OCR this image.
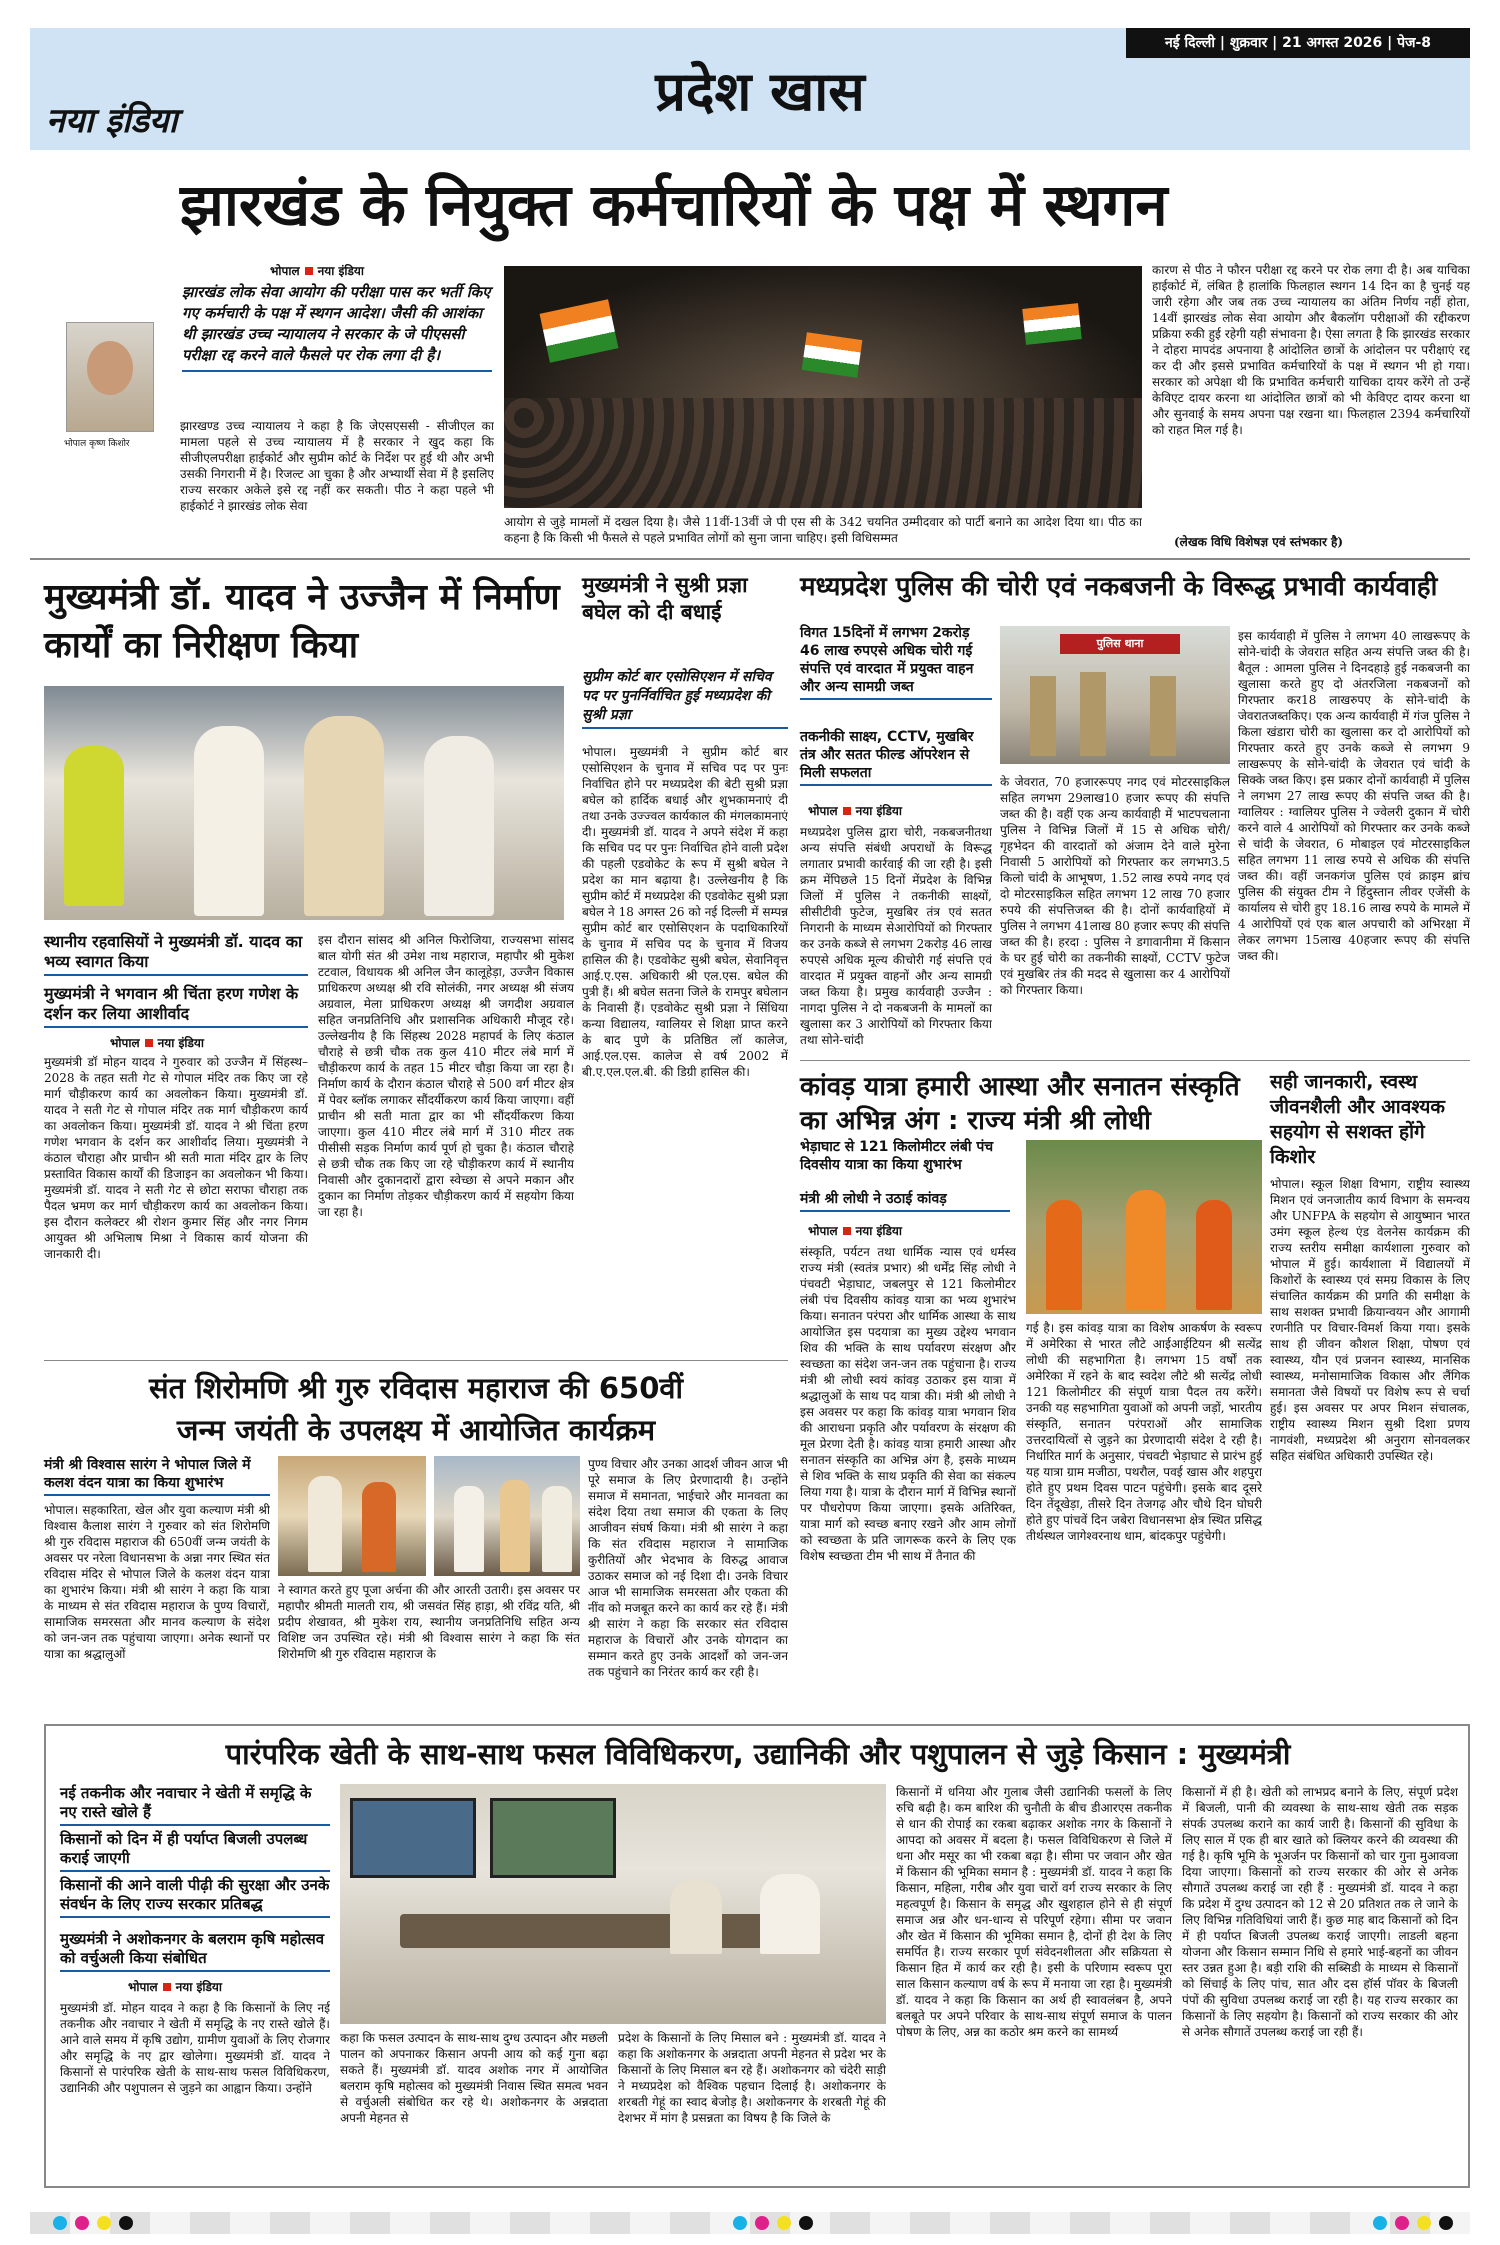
नई दिल्ली | शुक्रवार | 21 अगस्त 2026 | पेज-8
नया इंडिया	प्रदेश खास
झारखंड के नियुक्त कर्मचारियों के पक्ष में स्थगन
भोपाल नया इंडिया
भोपाल कृष्ण किशोर
झारखंड लोक सेवा आयोग की परीक्षा पास कर भर्ती किए गए कर्मचारी के पक्ष में स्थगन आदेश। जैसी की आशंका थी झारखंड उच्च न्यायालय ने सरकार के जे पीएससी परीक्षा रद्द करने वाले फैसले पर रोक लगा दी है।
झारखण्ड उच्च न्यायालय ने कहा है कि जेएसएससी - सीजीएल का मामला पहले से उच्च न्यायालय में है सरकार ने खुद कहा कि सीजीएलपरीक्षा हाईकोर्ट और सुप्रीम कोर्ट के निर्देश पर हुई थी और अभी उसकी निगरानी में है। रिजल्ट आ चुका है और अभ्यार्थी सेवा में है इसलिए राज्य सरकार अकेले इसे रद्द नहीं कर सकती। पीठ ने कहा पहले भी हाईकोर्ट ने झारखंड लोक सेवा
आयोग से जुड़े मामलों में दखल दिया है। जैसे 11वीं-13वीं जे पी एस सी के 342 चयनित उम्मीदवार को पार्टी बनाने का आदेश दिया था। पीठ का कहना है कि किसी भी फैसले से पहले प्रभावित लोगों को सुना जाना चाहिए। इसी विधिसम्मत
कारण से पीठ ने फौरन परीक्षा रद्द करने पर रोक लगा दी है। अब याचिका हाईकोर्ट में, लंबित है हालांकि फिलहाल स्थगन 14 दिन का है चुनई यह जारी रहेगा और जब तक उच्च न्यायालय का अंतिम निर्णय नहीं होता, 14वीं झारखंड लोक सेवा आयोग और बैकलॉग परीक्षाओं की रद्दीकरण प्रक्रिया रुकी हुई रहेगी यही संभावना है। ऐसा लगता है कि झारखंड सरकार ने दोहरा मापदंड अपनाया है आंदोलित छात्रों के आंदोलन पर परीक्षाएं रद्द कर दी और इससे प्रभावित कर्मचारियों के पक्ष में स्थगन भी हो गया। सरकार को अपेक्षा थी कि प्रभावित कर्मचारी याचिका दायर करेंगे तो उन्हें केविएट दायर करना था आंदोलित छात्रों को भी केविएट दायर करना था और सुनवाई के समय अपना पक्ष रखना था। फिलहाल 2394 कर्मचारियों को राहत मिल गई है।
(लेखक विधि विशेषज्ञ एवं स्तंभकार है)
मुख्यमंत्री डॉ. यादव ने उज्जैन में निर्माण कार्यों का निरीक्षण किया
स्थानीय रहवासियों ने मुख्यमंत्री डॉ. यादव का भव्य स्वागत किया
मुख्यमंत्री ने भगवान श्री चिंता हरण गणेश के दर्शन कर लिया आशीर्वाद
भोपाल नया इंडिया
मुख्यमंत्री डॉ मोहन यादव ने गुरुवार को उज्जैन में सिंहस्थ–2028 के तहत सती गेट से गोपाल मंदिर तक किए जा रहे मार्ग चौड़ीकरण कार्य का अवलोकन किया। मुख्यमंत्री डॉ. यादव ने सती गेट से गोपाल मंदिर तक मार्ग चौड़ीकरण कार्य का अवलोकन किया। मुख्यमंत्री डॉ. यादव ने श्री चिंता हरण गणेश भगवान के दर्शन कर आशीर्वाद लिया। मुख्यमंत्री ने कंठाल चौराहा और प्राचीन श्री सती माता मंदिर द्वार के लिए प्रस्तावित विकास कार्यों की डिजाइन का अवलोकन भी किया। मुख्यमंत्री डॉ. यादव ने सती गेट से छोटा सराफा चौराहा तक पैदल भ्रमण कर मार्ग चौड़ीकरण कार्य का अवलोकन किया। इस दौरान कलेक्टर श्री रोशन कुमार सिंह और नगर निगम आयुक्त श्री अभिलाष मिश्रा ने विकास कार्य योजना की जानकारी दी।
इस दौरान सांसद श्री अनिल फिरोजिया, राज्यसभा सांसद बाल योगी संत श्री उमेश नाथ महाराज, महापौर श्री मुकेश टटवाल, विधायक श्री अनिल जैन कालूहेड़ा, उज्जैन विकास प्राधिकरण अध्यक्ष श्री रवि सोलंकी, नगर अध्यक्ष श्री संजय अग्रवाल, मेला प्राधिकरण अध्यक्ष श्री जगदीश अग्रवाल सहित जनप्रतिनिधि और प्रशासनिक अधिकारी मौजूद रहे। उल्लेखनीय है कि सिंहस्थ 2028 महापर्व के लिए कंठाल चौराहे से छत्री चौक तक कुल 410 मीटर लंबे मार्ग में चौड़ीकरण कार्य के तहत 15 मीटर चौड़ा किया जा रहा है। निर्माण कार्य के दौरान कंठाल चौराहे से 500 वर्ग मीटर क्षेत्र में पेवर ब्लॉक लगाकर सौंदर्यीकरण कार्य किया जाएगा। वहीं प्राचीन श्री सती माता द्वार का भी सौंदर्यीकरण किया जाएगा। कुल 410 मीटर लंबे मार्ग में 310 मीटर तक पीसीसी सड़क निर्माण कार्य पूर्ण हो चुका है। कंठाल चौराहे से छत्री चौक तक किए जा रहे चौड़ीकरण कार्य में स्थानीय निवासी और दुकानदारों द्वारा स्वेच्छा से अपने मकान और दुकान का निर्माण तोड़कर चौड़ीकरण कार्य में सहयोग किया जा रहा है।
मुख्यमंत्री ने सुश्री प्रज्ञा बघेल को दी बधाई
सुप्रीम कोर्ट बार एसोसिएशन में सचिव पद पर पुनर्निर्वाचित हुई मध्यप्रदेश की सुश्री प्रज्ञा
भोपाल। मुख्यमंत्री ने सुप्रीम कोर्ट बार एसोसिएशन के चुनाव में सचिव पद पर पुनः निर्वाचित होने पर मध्यप्रदेश की बेटी सुश्री प्रज्ञा बघेल को हार्दिक बधाई और शुभकामनाएं दी तथा उनके उज्ज्वल कार्यकाल की मंगलकामनाएं दी। मुख्यमंत्री डॉ. यादव ने अपने संदेश में कहा कि सचिव पद पर पुनः निर्वाचित होने वाली प्रदेश की पहली एडवोकेट के रूप में सुश्री बघेल ने प्रदेश का मान बढ़ाया है। उल्लेखनीय है कि सुप्रीम कोर्ट में मध्यप्रदेश की एडवोकेट सुश्री प्रज्ञा बघेल ने 18 अगस्त 26 को नई दिल्ली में सम्पन्न सुप्रीम कोर्ट बार एसोसिएशन के पदाधिकारियों के चुनाव में सचिव पद के चुनाव में विजय हासिल की है। एडवोकेट सुश्री बघेल, सेवानिवृत्त आई.ए.एस. अधिकारी श्री एल.एस. बघेल की पुत्री हैं। श्री बघेल सतना जिले के रामपुर बघेलान के निवासी हैं। एडवोकेट सुश्री प्रज्ञा ने सिंधिया कन्या विद्यालय, ग्वालियर से शिक्षा प्राप्त करने के बाद पुणे के प्रतिष्ठित लॉ कालेज, आई.एल.एस. कालेज से वर्ष 2002 में बी.ए.एल.एल.बी. की डिग्री हासिल की।
मध्यप्रदेश पुलिस की चोरी एवं नकबजनी के विरूद्ध प्रभावी कार्यवाही
विगत 15दिनों में लगभग 2करोड़ 46 लाख रुपएसे अधिक चोरी गई संपत्ति एवं वारदात में प्रयुक्त वाहन और अन्य सामग्री जब्त
तकनीकी साक्ष्य, CCTV, मुखबिर तंत्र और सतत फील्ड ऑपरेशन से मिली सफलता
पुलिस थाना
भोपाल नया इंडिया
मध्यप्रदेश पुलिस द्वारा चोरी, नकबजनीतथा अन्य संपत्ति संबंधी अपराधों के विरूद्ध लगातार प्रभावी कार्रवाई की जा रही है। इसी क्रम मेंपिछले 15 दिनों मेंप्रदेश के विभिन्न जिलों में पुलिस ने तकनीकी साक्ष्यों, सीसीटीवी फुटेज, मुखबिर तंत्र एवं सतत निगरानी के माध्यम सेआरोपियों को गिरफ्तार कर उनके कब्जे से लगभग 2करोड़ 46 लाख रुपएसे अधिक मूल्य कीचोरी गई संपत्ति एवं वारदात में प्रयुक्त वाहनों और अन्य सामग्री जब्त किया है। प्रमुख कार्यवाही उज्जैन : नागदा पुलिस ने दो नकबजनी के मामलों का खुलासा कर 3 आरोपियों को गिरफ्तार किया तथा सोने-चांदी
के जेवरात, 70 हजाररूपए नगद एवं मोटरसाइकिल सहित लगभग 29लाख10 हजार रूपए की संपत्ति जब्त की है। वहीं एक अन्य कार्यवाही में भाटपचलाना पुलिस ने विभिन्न जिलों में 15 से अधिक चोरी/गृहभेदन की वारदातों को अंजाम देने वाले मुरेना निवासी 5 आरोपियों को गिरफ्तार कर लगभग3.5 किलो चांदी के आभूषण, 1.52 लाख रुपये नगद एवं दो मोटरसाइकिल सहित लगभग 12 लाख 70 हजार रुपये की संपत्तिजब्त की है। दोनों कार्यवाहियों में पुलिस ने लगभग 41लाख 80 हजार रूपए की संपत्ति जब्त की है। हरदा : पुलिस ने डगावानीमा में किसान के घर हुई चोरी का तकनीकी साक्ष्यों, CCTV फुटेज एवं मुखबिर तंत्र की मदद से खुलासा कर 4 आरोपियों को गिरफ्तार किया।
इस कार्यवाही में पुलिस ने लगभग 40 लाखरूपए के सोने-चांदी के जेवरात सहित अन्य संपत्ति जब्त की है। बैतूल : आमला पुलिस ने दिनदहाड़े हुई नकबजनी का खुलासा करते हुए दो अंतरजिला नकबजनों को गिरफ्तार कर18 लाखरुपए के सोने-चांदी के जेवरातजब्तकिए। एक अन्य कार्यवाही में गंज पुलिस ने किला खंडारा चोरी का खुलासा कर दो आरोपियों को गिरफ्तार करते हुए उनके कब्जे से लगभग 9 लाखरूपए के सोने-चांदी के जेवरात एवं चांदी के सिक्के जब्त किए। इस प्रकार दोनों कार्यवाही में पुलिस ने लगभग 27 लाख रूपए की संपत्ति जब्त की है। ग्वालियर : ग्वालियर पुलिस ने ज्वेलरी दुकान में चोरी करने वाले 4 आरोपियों को गिरफ्तार कर उनके कब्जे से चांदी के जेवरात, 6 मोबाइल एवं मोटरसाइकिल सहित लगभग 11 लाख रुपये से अधिक की संपत्ति जब्त की। वहीं जनकगंज पुलिस एवं क्राइम ब्रांच पुलिस की संयुक्त टीम ने हिंदुस्तान लीवर एजेंसी के कार्यालय से चोरी हुए 18.16 लाख रुपये के मामले में 4 आरोपियों एवं एक बाल अपचारी को अभिरक्षा में लेकर लगभग 15लाख 40हजार रूपए की संपत्ति जब्त की।
कांवड़ यात्रा हमारी आस्था और सनातन संस्कृति का अभिन्न अंग : राज्य मंत्री श्री लोधी
भेड़ाघाट से 121 किलोमीटर लंबी पंच दिवसीय यात्रा का किया शुभारंभ
मंत्री श्री लोधी ने उठाई कांवड़
भोपाल नया इंडिया
संस्कृति, पर्यटन तथा धार्मिक न्यास एवं धर्मस्व राज्य मंत्री (स्वतंत्र प्रभार) श्री धर्मेंद्र सिंह लोधी ने पंचवटी भेड़ाघाट, जबलपुर से 121 किलोमीटर लंबी पंच दिवसीय कांवड़ यात्रा का भव्य शुभारंभ किया। सनातन परंपरा और धार्मिक आस्था के साथ आयोजित इस पदयात्रा का मुख्य उद्देश्य भगवान शिव की भक्ति के साथ पर्यावरण संरक्षण और स्वच्छता का संदेश जन-जन तक पहुंचाना है। राज्य मंत्री श्री लोधी स्वयं कांवड़ उठाकर इस यात्रा में श्रद्धालुओं के साथ पद यात्रा की। मंत्री श्री लोधी ने इस अवसर पर कहा कि कांवड़ यात्रा भगवान शिव की आराधना प्रकृति और पर्यावरण के संरक्षण की मूल प्रेरणा देती है। कांवड़ यात्रा हमारी आस्था और सनातन संस्कृति का अभिन्न अंग है, इसके माध्यम से शिव भक्ति के साथ प्रकृति की सेवा का संकल्प लिया गया है। यात्रा के दौरान मार्ग में विभिन्न स्थानों पर पौधरोपण किया जाएगा। इसके अतिरिक्त, यात्रा मार्ग को स्वच्छ बनाए रखने और आम लोगों को स्वच्छता के प्रति जागरूक करने के लिए एक विशेष स्वच्छता टीम भी साथ में तैनात की
गई है। इस कांवड़ यात्रा का विशेष आकर्षण के स्वरूप में अमेरिका से भारत लौटे आईआईटियन श्री सत्येंद्र लोधी की सहभागिता है। लगभग 15 वर्षों तक अमेरिका में रहने के बाद स्वदेश लौटे श्री सत्येंद्र लोधी 121 किलोमीटर की संपूर्ण यात्रा पैदल तय करेंगे। उनकी यह सहभागिता युवाओं को अपनी जड़ों, भारतीय संस्कृति, सनातन परंपराओं और सामाजिक उत्तरदायित्वों से जुड़ने का प्रेरणादायी संदेश दे रही है। निर्धारित मार्ग के अनुसार, पंचवटी भेड़ाघाट से प्रारंभ हुई यह यात्रा ग्राम मजीठा, पथरौल, पवई खास और शहपुरा होते हुए प्रथम दिवस पाटन पहुंचेगी। इसके बाद दूसरे दिन तेंदूखेड़ा, तीसरे दिन तेजगढ़ और चौथे दिन घोघरी होते हुए पांचवें दिन जबेरा विधानसभा क्षेत्र स्थित प्रसिद्ध तीर्थस्थल जागेश्वरनाथ धाम, बांदकपुर पहुंचेगी।
सही जानकारी, स्वस्थ जीवनशैली और आवश्यक सहयोग से सशक्त होंगे किशोर
भोपाल। स्कूल शिक्षा विभाग, राष्ट्रीय स्वास्थ्य मिशन एवं जनजातीय कार्य विभाग के समन्वय और UNFPA के सहयोग से आयुष्मान भारत उमंग स्कूल हेल्थ एंड वेलनेस कार्यक्रम की राज्य स्तरीय समीक्षा कार्यशाला गुरुवार को भोपाल में हुई। कार्यशाला में विद्यालयों में किशोरों के स्वास्थ्य एवं समग्र विकास के लिए संचालित कार्यक्रम की प्रगति की समीक्षा के साथ सशक्त प्रभावी क्रियान्वयन और आगामी रणनीति पर विचार-विमर्श किया गया। इसके साथ ही जीवन कौशल शिक्षा, पोषण एवं स्वास्थ्य, यौन एवं प्रजनन स्वास्थ्य, मानसिक स्वास्थ्य, मनोसामाजिक विकास और लैंगिक समानता जैसे विषयों पर विशेष रूप से चर्चा हुई। इस अवसर पर अपर मिशन संचालक, राष्ट्रीय स्वास्थ्य मिशन सुश्री दिशा प्रणय नागवंशी, मध्यप्रदेश श्री अनुराग सोनवलकर सहित संबंधित अधिकारी उपस्थित रहे।
संत शिरोमणि श्री गुरु रविदास महाराज की 650वीं
जन्म जयंती के उपलक्ष्य में आयोजित कार्यक्रम
मंत्री श्री विश्वास सारंग ने भोपाल जिले में कलश वंदन यात्रा का किया शुभारंभ
भोपाल। सहकारिता, खेल और युवा कल्याण मंत्री श्री विश्वास कैलाश सारंग ने गुरुवार को संत शिरोमणि श्री गुरु रविदास महाराज की 650वीं जन्म जयंती के अवसर पर नरेला विधानसभा के अन्ना नगर स्थित संत रविदास मंदिर से भोपाल जिले के कलश वंदन यात्रा का शुभारंभ किया। मंत्री श्री सारंग ने कहा कि यात्रा के माध्यम से संत रविदास महाराज के पुण्य विचारों, सामाजिक समरसता और मानव कल्याण के संदेश को जन-जन तक पहुंचाया जाएगा। अनेक स्थानों पर यात्रा का श्रद्धालुओं
ने स्वागत करते हुए पूजा अर्चना की और आरती उतारी। इस अवसर पर महापौर श्रीमती मालती राय, श्री जसवंत सिंह हाड़ा, श्री रविंद्र यति, श्री प्रदीप शेखावत, श्री मुकेश राय, स्थानीय जनप्रतिनिधि सहित अन्य विशिष्ट जन उपस्थित रहे। मंत्री श्री विश्वास सारंग ने कहा कि संत शिरोमणि श्री गुरु रविदास महाराज के
पुण्य विचार और उनका आदर्श जीवन आज भी पूरे समाज के लिए प्रेरणादायी है। उन्होंने समाज में समानता, भाईचारे और मानवता का संदेश दिया तथा समाज की एकता के लिए आजीवन संघर्ष किया। मंत्री श्री सारंग ने कहा कि संत रविदास महाराज ने सामाजिक कुरीतियों और भेदभाव के विरुद्ध आवाज उठाकर समाज को नई दिशा दी। उनके विचार आज भी सामाजिक समरसता और एकता की नींव को मजबूत करने का कार्य कर रहे हैं। मंत्री श्री सारंग ने कहा कि सरकार संत रविदास महाराज के विचारों और उनके योगदान का सम्मान करते हुए उनके आदर्शों को जन-जन तक पहुंचाने का निरंतर कार्य कर रही है।
पारंपरिक खेती के साथ-साथ फसल विविधिकरण, उद्यानिकी और पशुपालन से जुड़े किसान : मुख्यमंत्री
नई तकनीक और नवाचार ने खेती में समृद्धि के नए रास्ते खोले हैं
किसानों को दिन में ही पर्याप्त बिजली उपलब्ध कराई जाएगी
किसानों की आने वाली पीढ़ी की सुरक्षा और उनके संवर्धन के लिए राज्य सरकार प्रतिबद्ध
मुख्यमंत्री ने अशोकनगर के बलराम कृषि महोत्सव को वर्चुअली किया संबोधित
भोपाल नया इंडिया
मुख्यमंत्री डॉ. मोहन यादव ने कहा है कि किसानों के लिए नई तकनीक और नवाचार ने खेती में समृद्धि के नए रास्ते खोले हैं। आने वाले समय में कृषि उद्योग, ग्रामीण युवाओं के लिए रोजगार और समृद्धि के नए द्वार खोलेगा। मुख्यमंत्री डॉ. यादव ने किसानों से पारंपरिक खेती के साथ-साथ फसल विविधिकरण, उद्यानिकी और पशुपालन से जुड़ने का आह्वान किया। उन्होंने
कहा कि फसल उत्पादन के साथ-साथ दुग्ध उत्पादन और मछली पालन को अपनाकर किसान अपनी आय को कई गुना बढ़ा सकते हैं। मुख्यमंत्री डॉ. यादव अशोक नगर में आयोजित बलराम कृषि महोत्सव को मुख्यमंत्री निवास स्थित समत्व भवन से वर्चुअली संबोधित कर रहे थे। अशोकनगर के अन्नदाता अपनी मेहनत से
प्रदेश के किसानों के लिए मिसाल बने : मुख्यमंत्री डॉ. यादव ने कहा कि अशोकनगर के अन्नदाता अपनी मेहनत से प्रदेश भर के किसानों के लिए मिसाल बन रहे हैं। अशोकनगर को चंदेरी साड़ी ने मध्यप्रदेश को वैश्विक पहचान दिलाई है। अशोकनगर के शरबती गेहूं का स्वाद बेजोड़ है। अशोकनगर के शरबती गेहूं की देशभर में मांग है प्रसन्नता का विषय है कि जिले के
किसानों में धनिया और गुलाब जैसी उद्यानिकी फसलों के लिए रुचि बढ़ी है। कम बारिश की चुनौती के बीच डीआरएस तकनीक से धान की रोपाई का रकबा बढ़ाकर अशोक नगर के किसानों ने आपदा को अवसर में बदला है। फसल विविधिकरण से जिले में धना और मसूर का भी रकबा बढ़ा है। सीमा पर जवान और खेत में किसान की भूमिका समान है : मुख्यमंत्री डॉ. यादव ने कहा कि किसान, महिला, गरीब और युवा चारों वर्ग राज्य सरकार के लिए महत्वपूर्ण है। किसान के समृद्ध और खुशहाल होने से ही संपूर्ण समाज अन्न और धन-धान्य से परिपूर्ण रहेगा। सीमा पर जवान और खेत में किसान की भूमिका समान है, दोनों ही देश के लिए समर्पित है। राज्य सरकार पूर्ण संवेदनशीलता और सक्रियता से किसान हित में कार्य कर रही है। इसी के परिणाम स्वरूप पूरा साल किसान कल्याण वर्ष के रूप में मनाया जा रहा है। मुख्यमंत्री डॉ. यादव ने कहा कि किसान का अर्थ ही स्वावलंबन है, अपने बलबूते पर अपने परिवार के साथ-साथ संपूर्ण समाज के पालन पोषण के लिए, अन्न का कठोर श्रम करने का सामर्थ्य
किसानों में ही है। खेती को लाभप्रद बनाने के लिए, संपूर्ण प्रदेश में बिजली, पानी की व्यवस्था के साथ-साथ खेती तक सड़क संपर्क उपलब्ध कराने का कार्य जारी है। किसानों की सुविधा के लिए साल में एक ही बार खाते को क्लियर करने की व्यवस्था की गई है। कृषि भूमि के भूअर्जन पर किसानों को चार गुना मुआवजा दिया जाएगा। किसानों को राज्य सरकार की ओर से अनेक सौगातें उपलब्ध कराई जा रही हैं : मुख्यमंत्री डॉ. यादव ने कहा कि प्रदेश में दुग्ध उत्पादन को 12 से 20 प्रतिशत तक ले जाने के लिए विभिन्न गतिविधियां जारी हैं। कुछ माह बाद किसानों को दिन में ही पर्याप्त बिजली उपलब्ध कराई जाएगी। लाडली बहना योजना और किसान सम्मान निधि से हमारे भाई-बहनों का जीवन स्तर उन्नत हुआ है। बड़ी राशि की सब्सिडी के माध्यम से किसानों को सिंचाई के लिए पांच, सात और दस हॉर्स पॉवर के बिजली पंपों की सुविधा उपलब्ध कराई जा रही है। यह राज्य सरकार का किसानों के लिए सहयोग है। किसानों को राज्य सरकार की ओर से अनेक सौगातें उपलब्ध कराई जा रही हैं।
